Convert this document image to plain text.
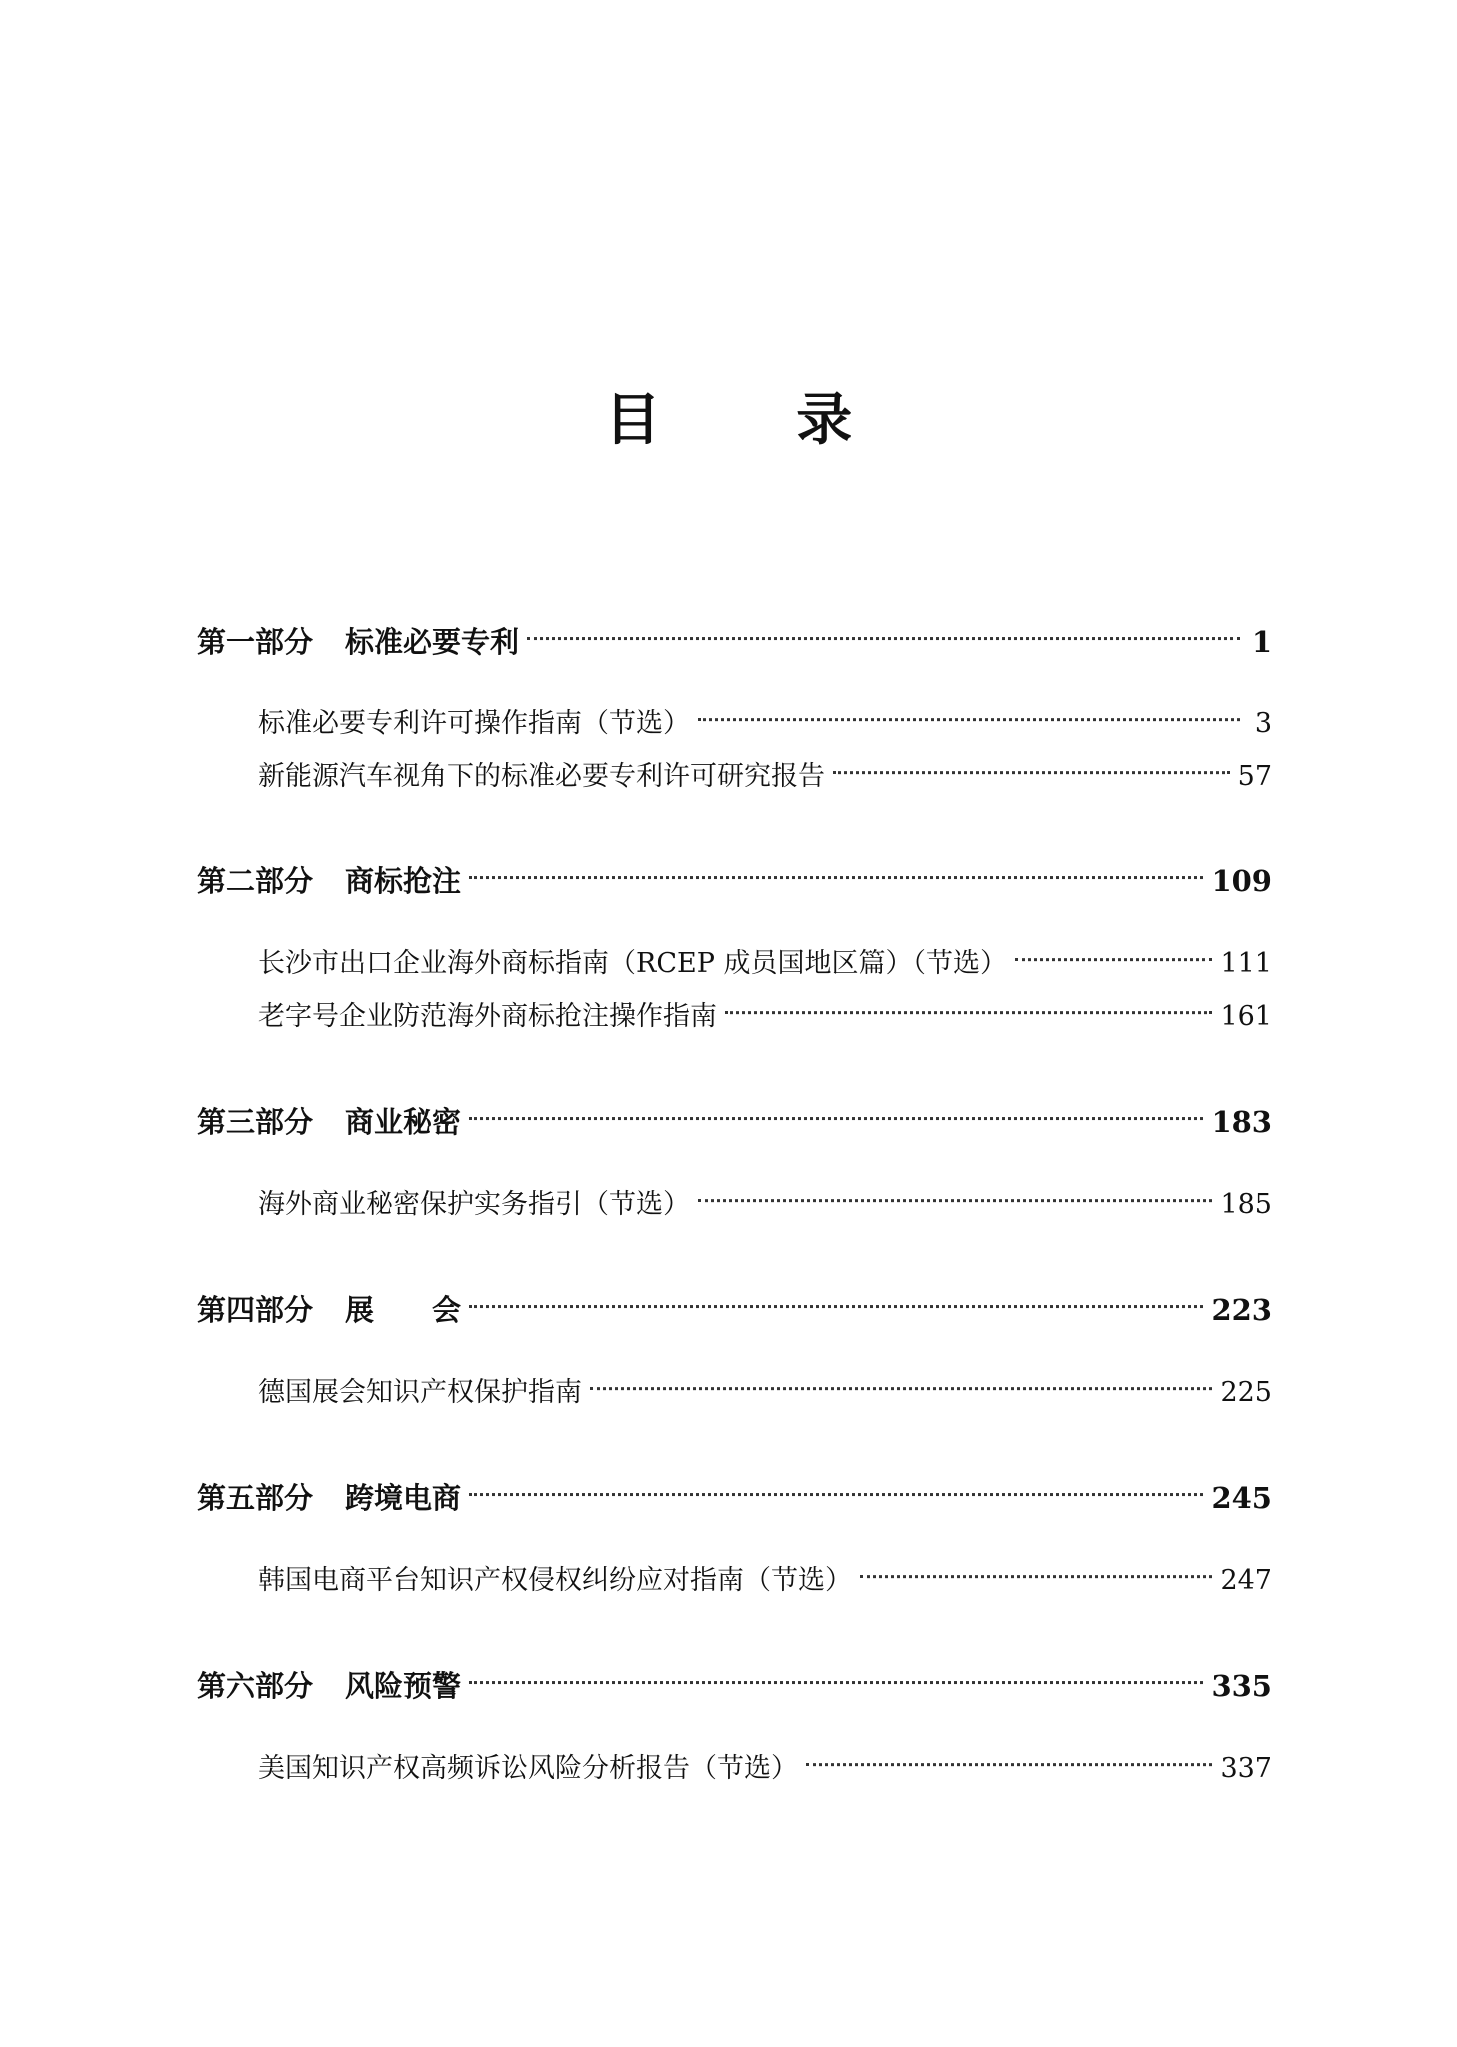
目 录
第一部分 标准必要专利	1
标准必要专利许可操作指南（节选）	3
新能源汽车视角下的标准必要专利许可研究报告	57
第二部分 商标抢注	109
长沙市出口企业海外商标指南（RCEP 成员国地区篇）（节选）	111
老字号企业防范海外商标抢注操作指南	161
第三部分 商业秘密	183
海外商业秘密保护实务指引（节选）	185
第四部分 展　　会	223
德国展会知识产权保护指南	225
第五部分 跨境电商	245
韩国电商平台知识产权侵权纠纷应对指南（节选）	247
第六部分 风险预警	335
美国知识产权高频诉讼风险分析报告（节选）	337
